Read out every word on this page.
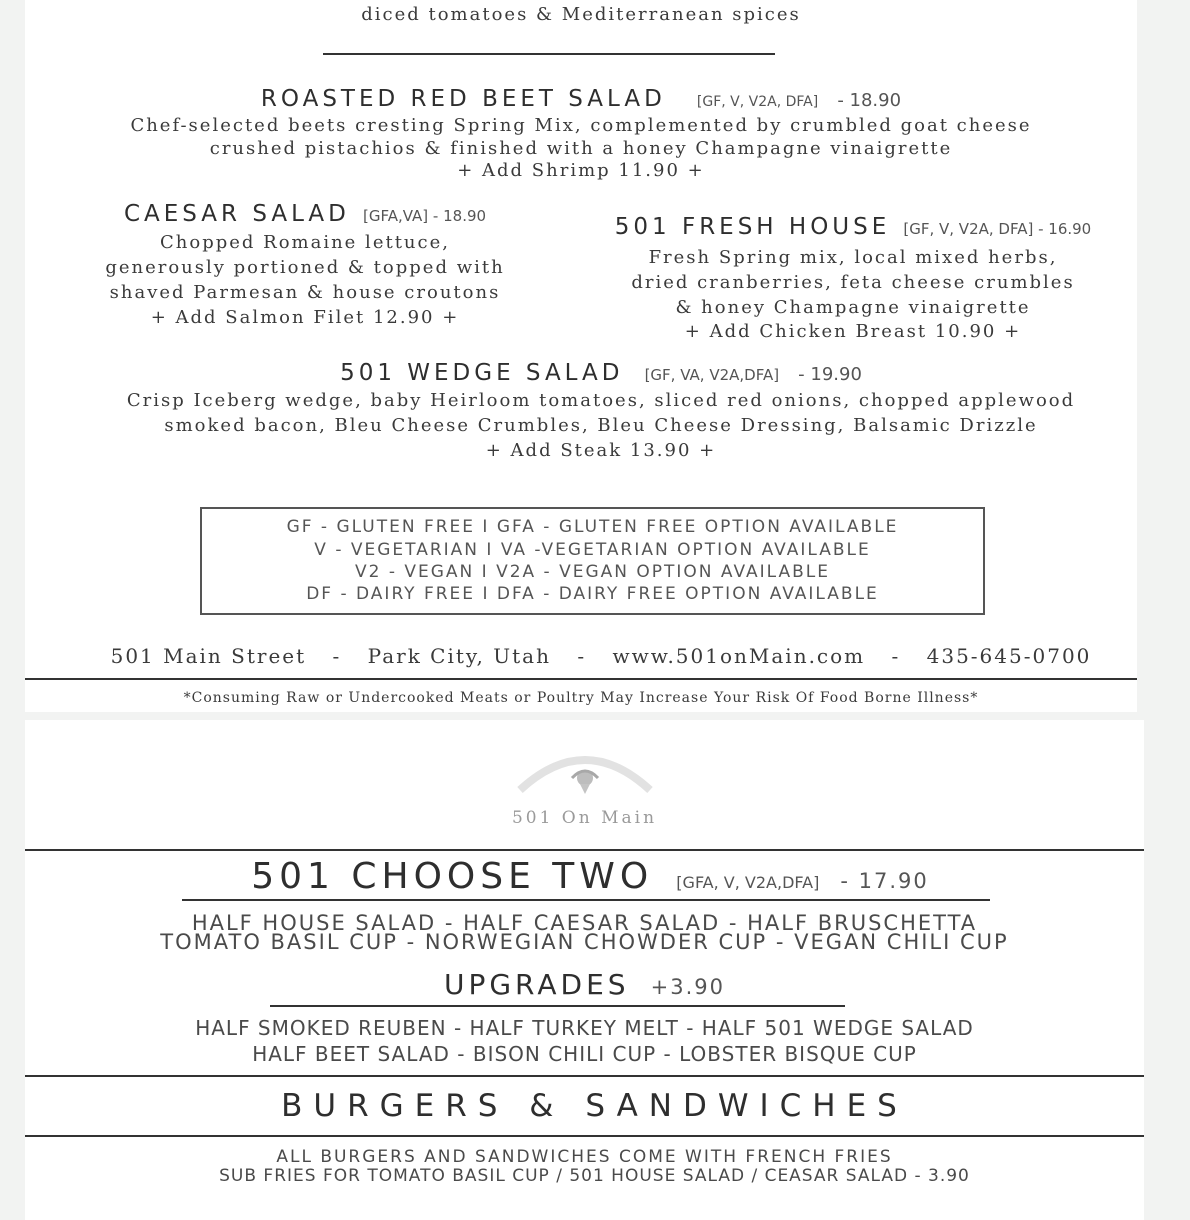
diced tomatoes & Mediterranean spices
ROASTED RED BEET SALAD [GF, V, V2A, DFA] - 18.90
Chef-selected beets cresting Spring Mix, complemented by crumbled goat cheese
crushed pistachios & finished with a honey Champagne vinaigrette
+ Add Shrimp 11.90 +
CAESAR SALAD [GFA,VA] - 18.90
Chopped Romaine lettuce,
generously portioned & topped with
shaved Parmesan & house croutons
+ Add Salmon Filet 12.90 +
501 FRESH HOUSE [GF, V, V2A, DFA] - 16.90
Fresh Spring mix, local mixed herbs,
dried cranberries, feta cheese crumbles
& honey Champagne vinaigrette
+ Add Chicken Breast 10.90 +
501 WEDGE SALAD [GF, VA, V2A,DFA] - 19.90
Crisp Iceberg wedge, baby Heirloom tomatoes, sliced red onions, chopped applewood
smoked bacon, Bleu Cheese Crumbles, Bleu Cheese Dressing, Balsamic Drizzle
+ Add Steak 13.90 +
GF - GLUTEN FREE I GFA - GLUTEN FREE OPTION AVAILABLE
V - VEGETARIAN I VA -VEGETARIAN OPTION AVAILABLE
V2 - VEGAN I V2A - VEGAN OPTION AVAILABLE
DF - DAIRY FREE I DFA - DAIRY FREE OPTION AVAILABLE
501 Main Street - Park City, Utah - www.501onMain.com - 435-645-0700
*Consuming Raw or Undercooked Meats or Poultry May Increase Your Risk Of Food Borne Illness*
501 On Main
501 CHOOSE TWO [GFA, V, V2A,DFA] - 17.90
HALF HOUSE SALAD - HALF CAESAR SALAD - HALF BRUSCHETTA
TOMATO BASIL CUP - NORWEGIAN CHOWDER CUP - VEGAN CHILI CUP
UPGRADES +3.90
HALF SMOKED REUBEN - HALF TURKEY MELT - HALF 501 WEDGE SALAD
HALF BEET SALAD - BISON CHILI CUP - LOBSTER BISQUE CUP
BURGERS & SANDWICHES
ALL BURGERS AND SANDWICHES COME WITH FRENCH FRIES
SUB FRIES FOR TOMATO BASIL CUP / 501 HOUSE SALAD / CEASAR SALAD - 3.90
